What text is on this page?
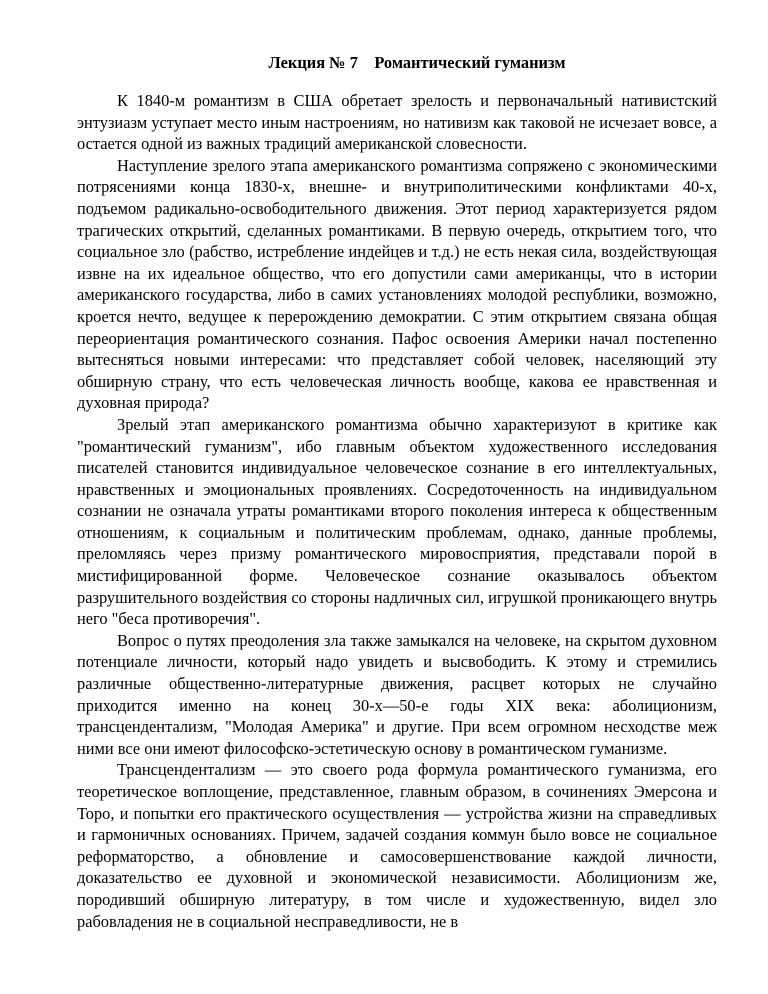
Лекция № 7    Романтический гуманизм

К 1840-м романтизм в США обретает зрелость и первоначальный нативистский энтузиазм уступает место иным настроениям, но нативизм как таковой не исчезает вовсе, а остается одной из важных традиций американской словесности.

Наступление зрелого этапа американского романтизма сопряжено с экономическими потрясениями конца 1830-х, внешне- и внутриполитическими конфликтами 40-х, подъемом радикально-освободительного движения. Этот период характеризуется рядом трагических открытий, сделанных романтиками. В первую очередь, открытием того, что социальное зло (рабство, истребление индейцев и т.д.) не есть некая сила, воздействующая извне на их идеальное общество, что его допустили сами американцы, что в истории американского государства, либо в самих установлениях молодой республики, возможно, кроется нечто, ведущее к перерождению демократии. С этим открытием связана общая переориентация романтического сознания. Пафос освоения Америки начал постепенно вытесняться новыми интересами: что представляет собой человек, населяющий эту обширную страну, что есть человеческая личность вообще, какова ее нравственная и духовная природа?

Зрелый этап американского романтизма обычно характеризуют в критике как "романтический гуманизм", ибо главным объектом художественного исследования писателей становится индивидуальное человеческое сознание в его интеллектуальных, нравственных и эмоциональных проявлениях. Сосредоточенность на индивидуальном сознании не означала утраты романтиками второго поколения интереса к общественным отношениям, к социальным и политическим проблемам, однако, данные проблемы, преломляясь через призму романтического мировосприятия, представали порой в мистифицированной форме. Человеческое сознание оказывалось объектом разрушительного воздействия со стороны надличных сил, игрушкой проникающего внутрь него "беса противоречия".

Вопрос о путях преодоления зла также замыкался на человеке, на скрытом духовном потенциале личности, который надо увидеть и высвободить. К этому и стремились различные общественно-литературные движения, расцвет которых не случайно приходится именно на конец 30-х—50-е годы XIX века: аболиционизм, трансцендентализм, "Молодая Америка" и другие. При всем огромном несходстве меж ними все они имеют философско-эстетическую основу в романтическом гуманизме.

Трансцендентализм — это своего рода формула романтического гуманизма, его теоретическое воплощение, представленное, главным образом, в сочинениях Эмерсона и Торо, и попытки его практического осуществления — устройства жизни на справедливых и гармоничных основаниях. Причем, задачей создания коммун было вовсе не социальное реформаторство, а обновление и самосовершенствование каждой личности, доказательство ее духовной и экономической независимости. Аболиционизм же, породивший обширную литературу, в том числе и художественную, видел зло рабовладения не в социальной несправедливости, не в
